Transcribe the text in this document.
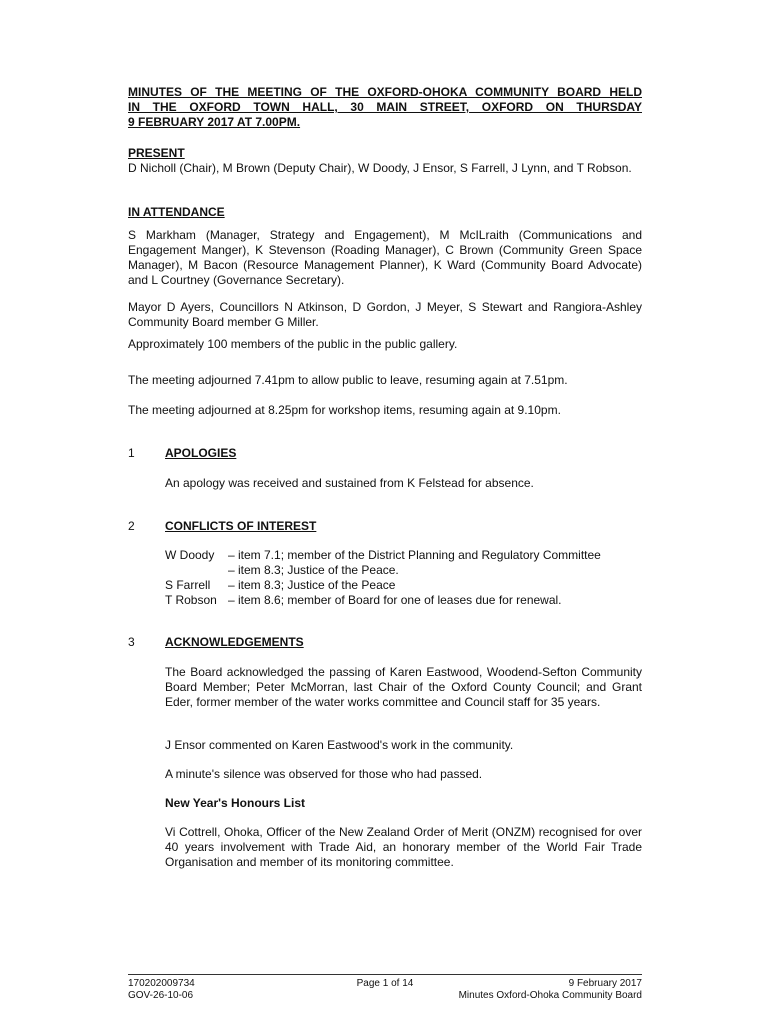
MINUTES OF THE MEETING OF THE OXFORD-OHOKA COMMUNITY BOARD HELD
IN THE OXFORD TOWN HALL, 30 MAIN STREET, OXFORD ON THURSDAY
9 FEBRUARY 2017 AT 7.00PM.
PRESENT

D Nicholl (Chair), M Brown (Deputy Chair), W Doody, J Ensor, S Farrell, J Lynn, and T Robson.

IN ATTENDANCE

S Markham (Manager, Strategy and Engagement), M McILraith (Communications and Engagement Manger), K Stevenson (Roading Manager), C Brown (Community Green Space Manager), M Bacon (Resource Management Planner), K Ward (Community Board Advocate) and L Courtney (Governance Secretary).

Mayor D Ayers, Councillors N Atkinson, D Gordon, J Meyer, S Stewart and Rangiora-Ashley Community Board member G Miller.

Approximately 100 members of the public in the public gallery.

The meeting adjourned 7.41pm to allow public to leave, resuming again at 7.51pm.

The meeting adjourned at 8.25pm for workshop items, resuming again at 9.10pm.

1	APOLOGIES

An apology was received and sustained from K Felstead for absence.

2	CONFLICTS OF INTEREST
W Doody	– item 7.1; member of the District Planning and Regulatory Committee
– item 8.3; Justice of the Peace.
S Farrell	– item 8.3; Justice of the Peace
T Robson – item 8.6; member of Board for one of leases due for renewal.
3	ACKNOWLEDGEMENTS

The Board acknowledged the passing of Karen Eastwood, Woodend-Sefton Community Board Member; Peter McMorran, last Chair of the Oxford County Council; and Grant Eder, former member of the water works committee and Council staff for 35 years.

J Ensor commented on Karen Eastwood's work in the community.

A minute's silence was observed for those who had passed.

New Year's Honours List

Vi Cottrell, Ohoka, Officer of the New Zealand Order of Merit (ONZM) recognised for over 40 years involvement with Trade Aid, an honorary member of the World Fair Trade Organisation and member of its monitoring committee.

170202009734
GOV-26-10-06
Page 1 of 14	9 February 2017
Minutes Oxford-Ohoka Community Board
